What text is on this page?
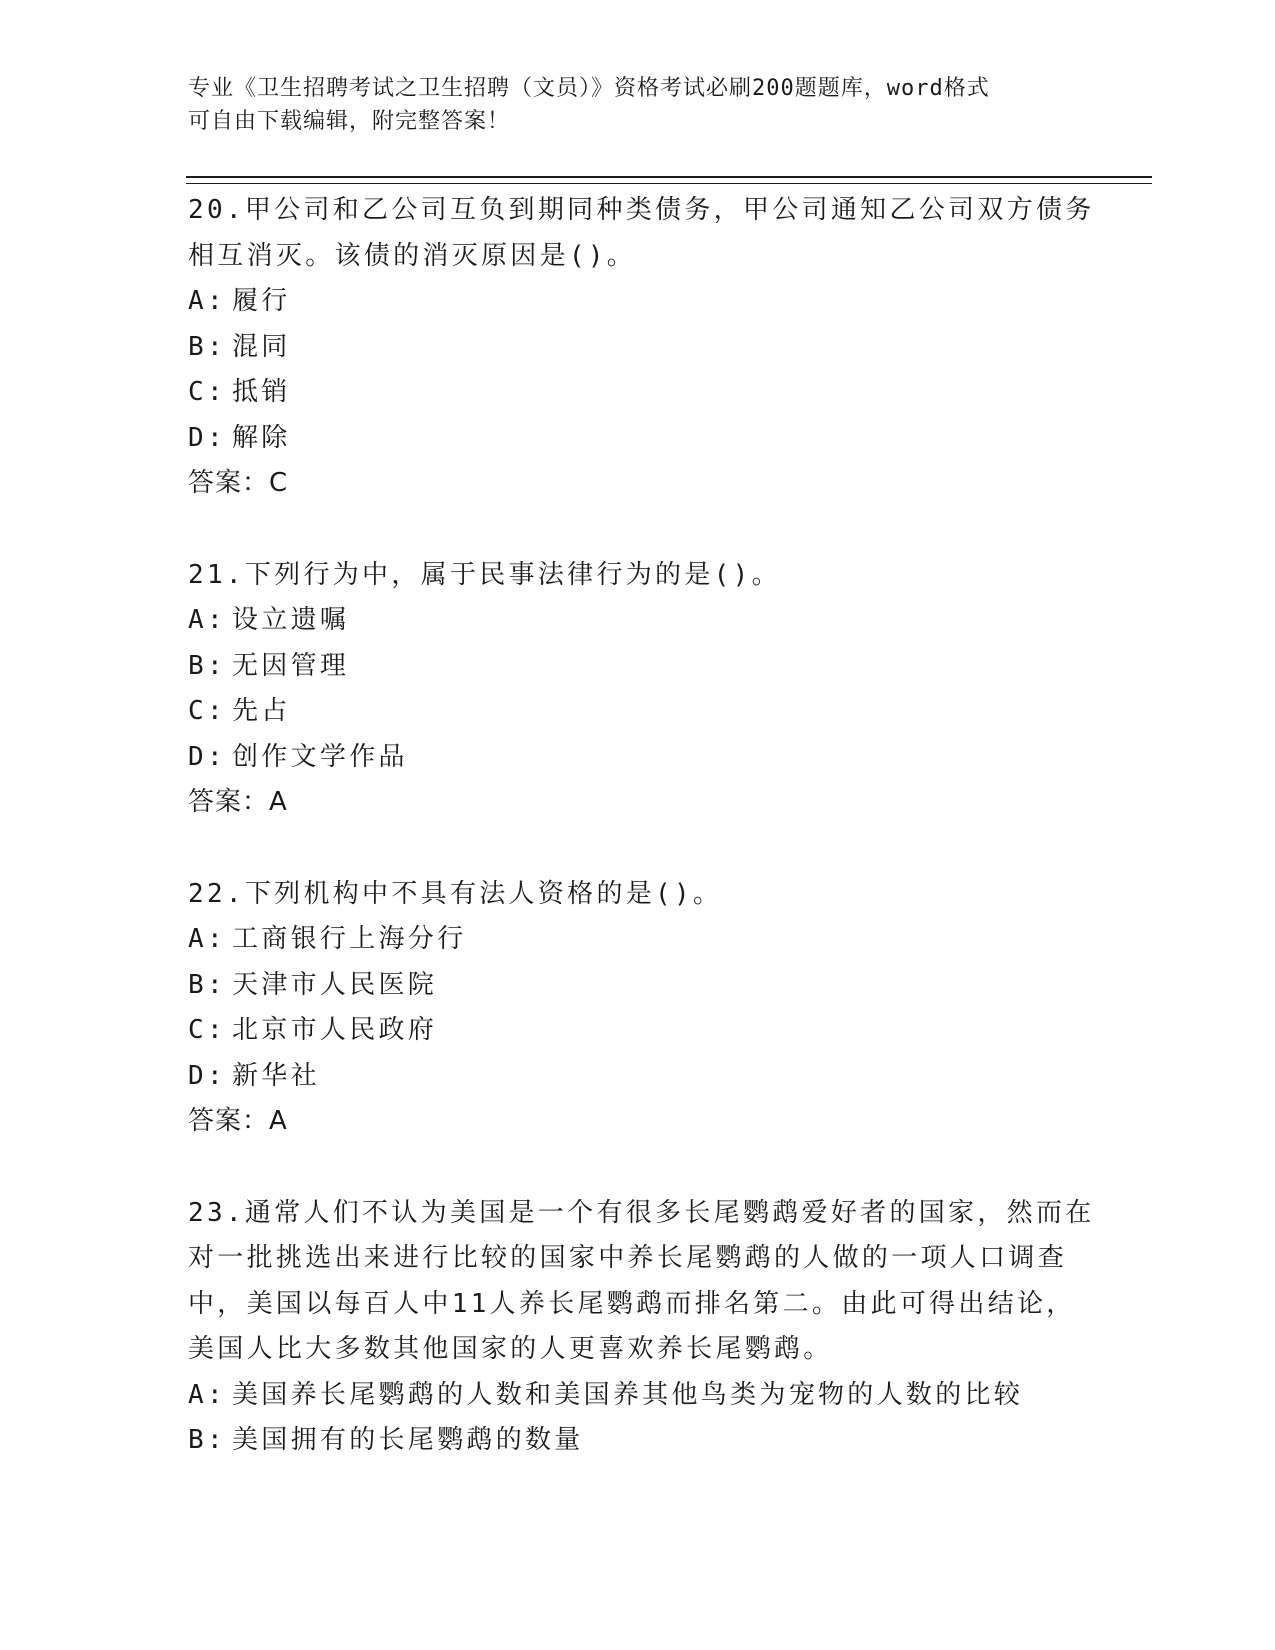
专业《卫生招聘考试之卫生招聘（文员）》资格考试必刷200题题库，word格式
可自由下载编辑，附完整答案！
20.甲公司和乙公司互负到期同种类债务，甲公司通知乙公司双方债务
相互消灭。该债的消灭原因是()。
A: 履行
B: 混同
C: 抵销
D: 解除
答案：C
21.下列行为中，属于民事法律行为的是()。
A: 设立遗嘱
B: 无因管理
C: 先占
D: 创作文学作品
答案：A
22.下列机构中不具有法人资格的是()。
A: 工商银行上海分行
B: 天津市人民医院
C: 北京市人民政府
D: 新华社
答案：A
23.通常人们不认为美国是一个有很多长尾鹦鹉爱好者的国家，然而在
对一批挑选出来进行比较的国家中养长尾鹦鹉的人做的一项人口调查
中，美国以每百人中11人养长尾鹦鹉而排名第二。由此可得出结论，
美国人比大多数其他国家的人更喜欢养长尾鹦鹉。
A: 美国养长尾鹦鹉的人数和美国养其他鸟类为宠物的人数的比较
B: 美国拥有的长尾鹦鹉的数量
